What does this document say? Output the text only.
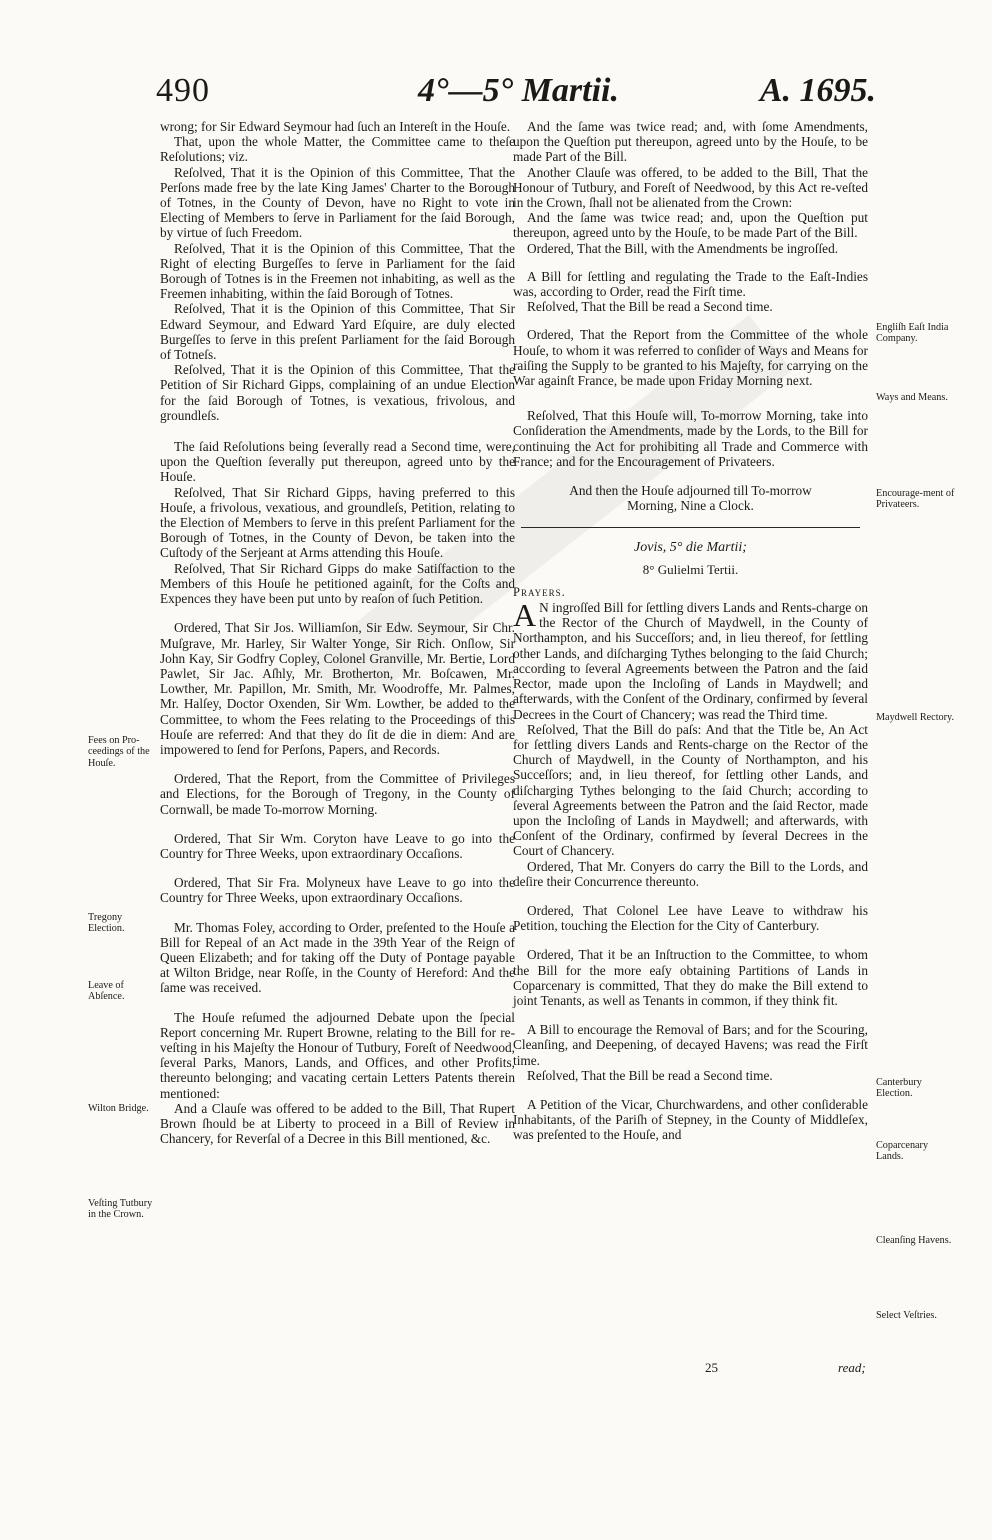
490	4°—5° Martii.	A. 1695.

wrong; for Sir Edward Seymour had ſuch an Intereſt in the Houſe.

That, upon the whole Matter, the Committee came to theſe Reſolutions; viz.

Reſolved, That it is the Opinion of this Committee, That the Perſons made free by the late King James' Charter to the Borough of Totnes, in the County of Devon, have no Right to vote in Electing of Members to ſerve in Parliament for the ſaid Borough, by virtue of ſuch Freedom.

Reſolved, That it is the Opinion of this Committee, That the Right of electing Burgeſſes to ſerve in Parliament for the ſaid Borough of Totnes is in the Freemen not inhabiting, as well as the Freemen inhabiting, within the ſaid Borough of Totnes.

Reſolved, That it is the Opinion of this Committee, That Sir Edward Seymour, and Edward Yard Eſquire, are duly elected Burgeſſes to ſerve in this preſent Parliament for the ſaid Borough of Totneſs.

Reſolved, That it is the Opinion of this Committee, That the Petition of Sir Richard Gipps, complaining of an undue Election for the ſaid Borough of Totnes, is vexatious, frivolous, and groundleſs.

The ſaid Reſolutions being ſeverally read a Second time, were, upon the Queſtion ſeverally put thereupon, agreed unto by the Houſe.

Reſolved, That Sir Richard Gipps, having preferred to this Houſe, a frivolous, vexatious, and groundleſs, Petition, relating to the Election of Members to ſerve in this preſent Parliament for the Borough of Totnes, in the County of Devon, be taken into the Cuſtody of the Serjeant at Arms attending this Houſe.

Reſolved, That Sir Richard Gipps do make Satiſfaction to the Members of this Houſe he petitioned againſt, for the Coſts and Expences they have been put unto by reaſon of ſuch Petition.

Ordered, That Sir Jos. Williamſon, Sir Edw. Seymour, Sir Chr. Muſgrave, Mr. Harley, Sir Walter Yonge, Sir Rich. Onſlow, Sir John Kay, Sir Godfry Copley, Colonel Granville, Mr. Bertie, Lord Pawlet, Sir Jac. Aſhly, Mr. Brotherton, Mr. Boſcawen, Mr. Lowther, Mr. Papillon, Mr. Smith, Mr. Woodroffe, Mr. Palmes, Mr. Halſey, Doctor Oxenden, Sir Wm. Lowther, be added to the Committee, to whom the Fees relating to the Proceedings of this Houſe are referred: And that they do ſit de die in diem: And are impowered to ſend for Perſons, Papers, and Records.

Ordered, That the Report, from the Committee of Privileges and Elections, for the Borough of Tregony, in the County of Cornwall, be made To-morrow Morning.

Ordered, That Sir Wm. Coryton have Leave to go into the Country for Three Weeks, upon extraordinary Occaſions.

Ordered, That Sir Fra. Molyneux have Leave to go into the Country for Three Weeks, upon extraordinary Occaſions.

Mr. Thomas Foley, according to Order, preſented to the Houſe a Bill for Repeal of an Act made in the 39th Year of the Reign of Queen Elizabeth; and for taking off the Duty of Pontage payable at Wilton Bridge, near Roſſe, in the County of Hereford: And the ſame was received.

The Houſe reſumed the adjourned Debate upon the ſpecial Report concerning Mr. Rupert Browne, relating to the Bill for re-veſting in his Majeſty the Honour of Tutbury, Foreſt of Needwood, ſeveral Parks, Manors, Lands, and Offices, and other Profits, thereunto belonging; and vacating certain Letters Patents therein mentioned:

And a Clauſe was offered to be added to the Bill, That Rupert Brown ſhould be at Liberty to proceed in a Bill of Review in Chancery, for Reverſal of a Decree in this Bill mentioned, &c.

Fees on Pro-ceedings of the Houſe.
Tregony Election.
Leave of Abſence.
Wilton Bridge.
Veſting Tutbury in the Crown.

And the ſame was twice read; and, with ſome Amendments, upon the Queſtion put thereupon, agreed unto by the Houſe, to be made Part of the Bill.

Another Clauſe was offered, to be added to the Bill, That the Honour of Tutbury, and Foreſt of Needwood, by this Act re-veſted in the Crown, ſhall not be alienated from the Crown:

And the ſame was twice read; and, upon the Queſtion put thereupon, agreed unto by the Houſe, to be made Part of the Bill.

Ordered, That the Bill, with the Amendments be ingroſſed.

A Bill for ſettling and regulating the Trade to the Eaſt-Indies was, according to Order, read the Firſt time.

Reſolved, That the Bill be read a Second time.

Ordered, That the Report from the Committee of the whole Houſe, to whom it was referred to conſider of Ways and Means for raiſing the Supply to be granted to his Majeſty, for carrying on the War againſt France, be made upon Friday Morning next.

Reſolved, That this Houſe will, To-morrow Morning, take into Conſideration the Amendments, made by the Lords, to the Bill for continuing the Act for prohibiting all Trade and Commerce with France; and for the Encouragement of Privateers.

And then the Houſe adjourned till To-morrow Morning, Nine a Clock.

Jovis, 5° die Martii;
8° Gulielmi Tertii.

Prayers.

A N ingroſſed Bill for ſettling divers Lands and Rents-charge on the Rector of the Church of Maydwell, in the County of Northampton, and his Succeſſors; and, in lieu thereof, for ſettling other Lands, and diſcharging Tythes belonging to the ſaid Church; according to ſeveral Agreements between the Patron and the ſaid Rector, made upon the Incloſing of Lands in Maydwell; and afterwards, with the Conſent of the Ordinary, confirmed by ſeveral Decrees in the Court of Chancery; was read the Third time.

Reſolved, That the Bill do paſs: And that the Title be, An Act for ſettling divers Lands and Rents-charge on the Rector of the Church of Maydwell, in the County of Northampton, and his Succeſſors; and, in lieu thereof, for ſettling other Lands, and diſcharging Tythes belonging to the ſaid Church; according to ſeveral Agreements between the Patron and the ſaid Rector, made upon the Incloſing of Lands in Maydwell; and afterwards, with Conſent of the Ordinary, confirmed by ſeveral Decrees in the Court of Chancery.

Ordered, That Mr. Conyers do carry the Bill to the Lords, and deſire their Concurrence thereunto.

Ordered, That Colonel Lee have Leave to withdraw his Petition, touching the Election for the City of Canterbury.

Ordered, That it be an Inſtruction to the Committee, to whom the Bill for the more eaſy obtaining Partitions of Lands in Coparcenary is committed, That they do make the Bill extend to joint Tenants, as well as Tenants in common, if they think fit.

A Bill to encourage the Removal of Bars; and for the Scouring, Cleanſing, and Deepening, of decayed Havens; was read the Firſt time.

Reſolved, That the Bill be read a Second time.

A Petition of the Vicar, Churchwardens, and other conſiderable Inhabitants, of the Pariſh of Stepney, in the County of Middleſex, was preſented to the Houſe, and

Engliſh Eaſt India Company.
Ways and Means.
Encourage-ment of Privateers.
Maydwell Rectory.
Canterbury Election.
Coparcenary Lands.
Cleanſing Havens.
Select Veſtries.
25	read;
